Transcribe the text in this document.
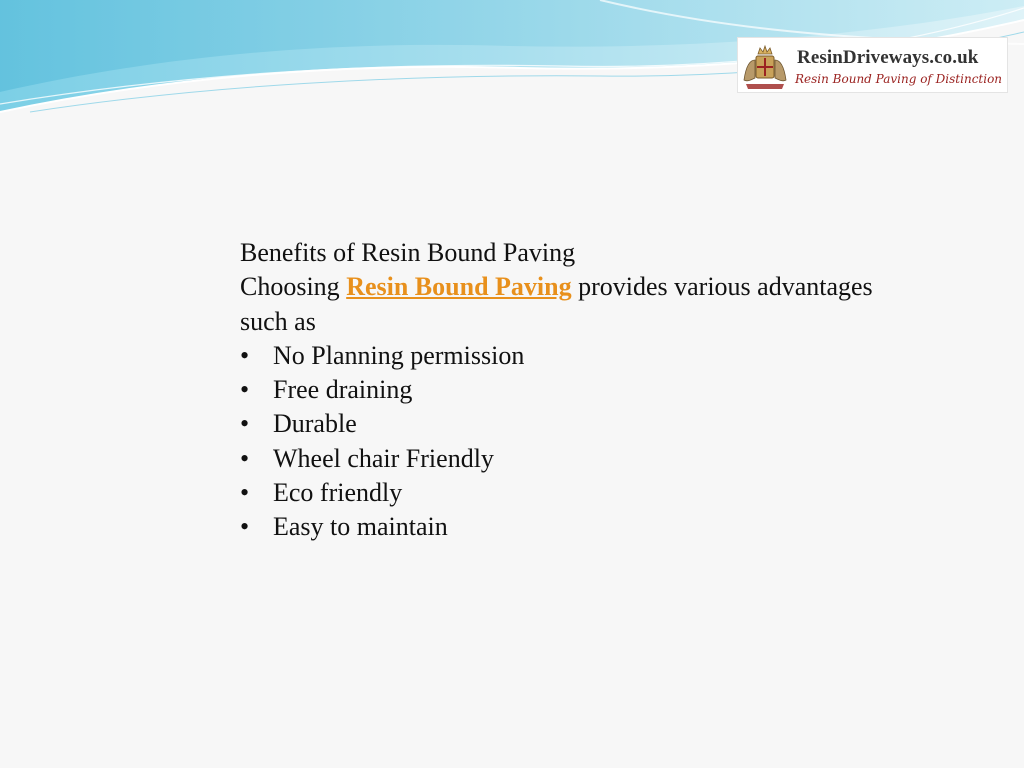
ResinDriveways.co.uk
Resin Bound Paving of Distinction

Benefits of Resin Bound Paving

Choosing Resin Bound Paving provides various advantages such as

• No Planning permission
• Free draining
• Durable
• Wheel chair Friendly
• Eco friendly
• Easy to maintain
